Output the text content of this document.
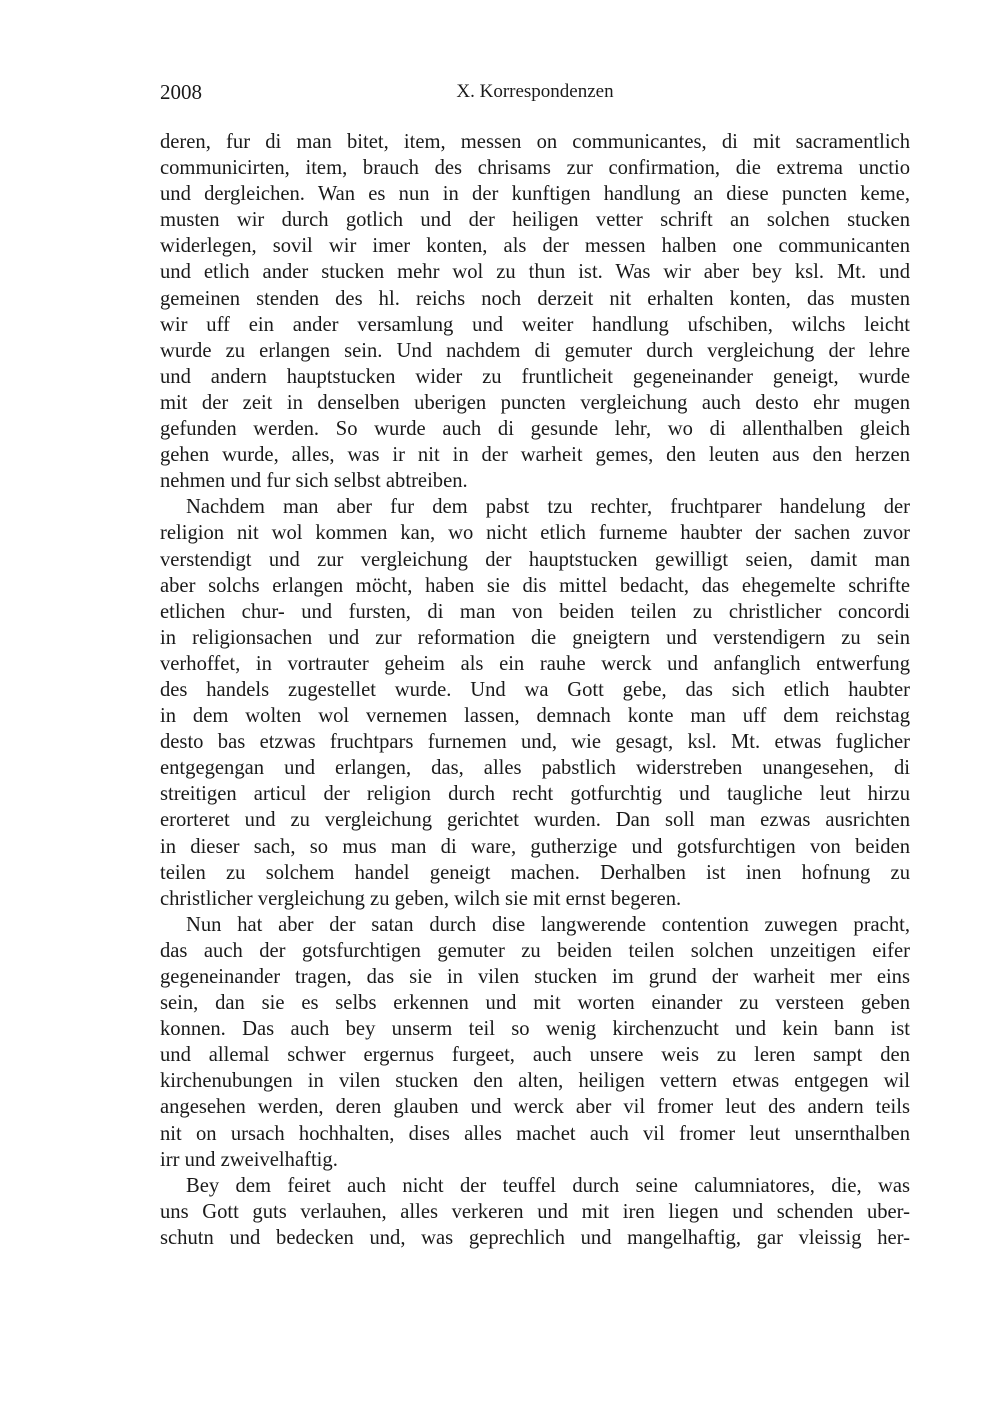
2008	X. Korrespondenzen
deren, fur di man bitet, item, messen on communicantes, di mit sacramentlich
communicirten, item, brauch des chrisams zur confirmation, die extrema unctio
und dergleichen. Wan es nun in der kunftigen handlung an diese puncten keme,
musten wir durch gotlich und der heiligen vetter schrift an solchen stucken
widerlegen, sovil wir imer konten, als der messen halben one communicanten
und etlich ander stucken mehr wol zu thun ist. Was wir aber bey ksl. Mt. und
gemeinen stenden des hl. reichs noch derzeit nit erhalten konten, das musten
wir uff ein ander versamlung und weiter handlung ufschiben, wilchs leicht
wurde zu erlangen sein. Und nachdem di gemuter durch vergleichung der lehre
und andern hauptstucken wider zu fruntlicheit gegeneinander geneigt, wurde
mit der zeit in denselben uberigen puncten vergleichung auch desto ehr mugen
gefunden werden. So wurde auch di gesunde lehr, wo di allenthalben gleich
gehen wurde, alles, was ir nit in der warheit gemes, den leuten aus den herzen
nehmen und fur sich selbst abtreiben.
Nachdem man aber fur dem pabst tzu rechter, fruchtparer handelung der
religion nit wol kommen kan, wo nicht etlich furneme haubter der sachen zuvor
verstendigt und zur vergleichung der hauptstucken gewilligt seien, damit man
aber solchs erlangen möcht, haben sie dis mittel bedacht, das ehegemelte schrifte
etlichen chur- und fursten, di man von beiden teilen zu christlicher concordi
in religionsachen und zur reformation die gneigtern und verstendigern zu sein
verhoffet, in vortrauter geheim als ein rauhe werck und anfanglich entwerfung
des handels zugestellet wurde. Und wa Gott gebe, das sich etlich haubter
in dem wolten wol vernemen lassen, demnach konte man uff dem reichstag
desto bas etzwas fruchtpars furnemen und, wie gesagt, ksl. Mt. etwas fuglicher
entgegengan und erlangen, das, alles pabstlich widerstreben unangesehen, di
streitigen articul der religion durch recht gotfurchtig und taugliche leut hirzu
erorteret und zu vergleichung gerichtet wurden. Dan soll man ezwas ausrichten
in dieser sach, so mus man di ware, gutherzige und gotsfurchtigen von beiden
teilen zu solchem handel geneigt machen. Derhalben ist inen hofnung zu
christlicher vergleichung zu geben, wilch sie mit ernst begeren.
Nun hat aber der satan durch dise langwerende contention zuwegen pracht,
das auch der gotsfurchtigen gemuter zu beiden teilen solchen unzeitigen eifer
gegeneinander tragen, das sie in vilen stucken im grund der warheit mer eins
sein, dan sie es selbs erkennen und mit worten einander zu versteen geben
konnen. Das auch bey unserm teil so wenig kirchenzucht und kein bann ist
und allemal schwer ergernus furgeet, auch unsere weis zu leren sampt den
kirchenubungen in vilen stucken den alten, heiligen vettern etwas entgegen wil
angesehen werden, deren glauben und werck aber vil fromer leut des andern teils
nit on ursach hochhalten, dises alles machet auch vil fromer leut unsernthalben
irr und zweivelhaftig.
Bey dem feiret auch nicht der teuffel durch seine calumniatores, die, was
uns Gott guts verlauhen, alles verkeren und mit iren liegen und schenden uber-
schutn und bedecken und, was geprechlich und mangelhaftig, gar vleissig her-
